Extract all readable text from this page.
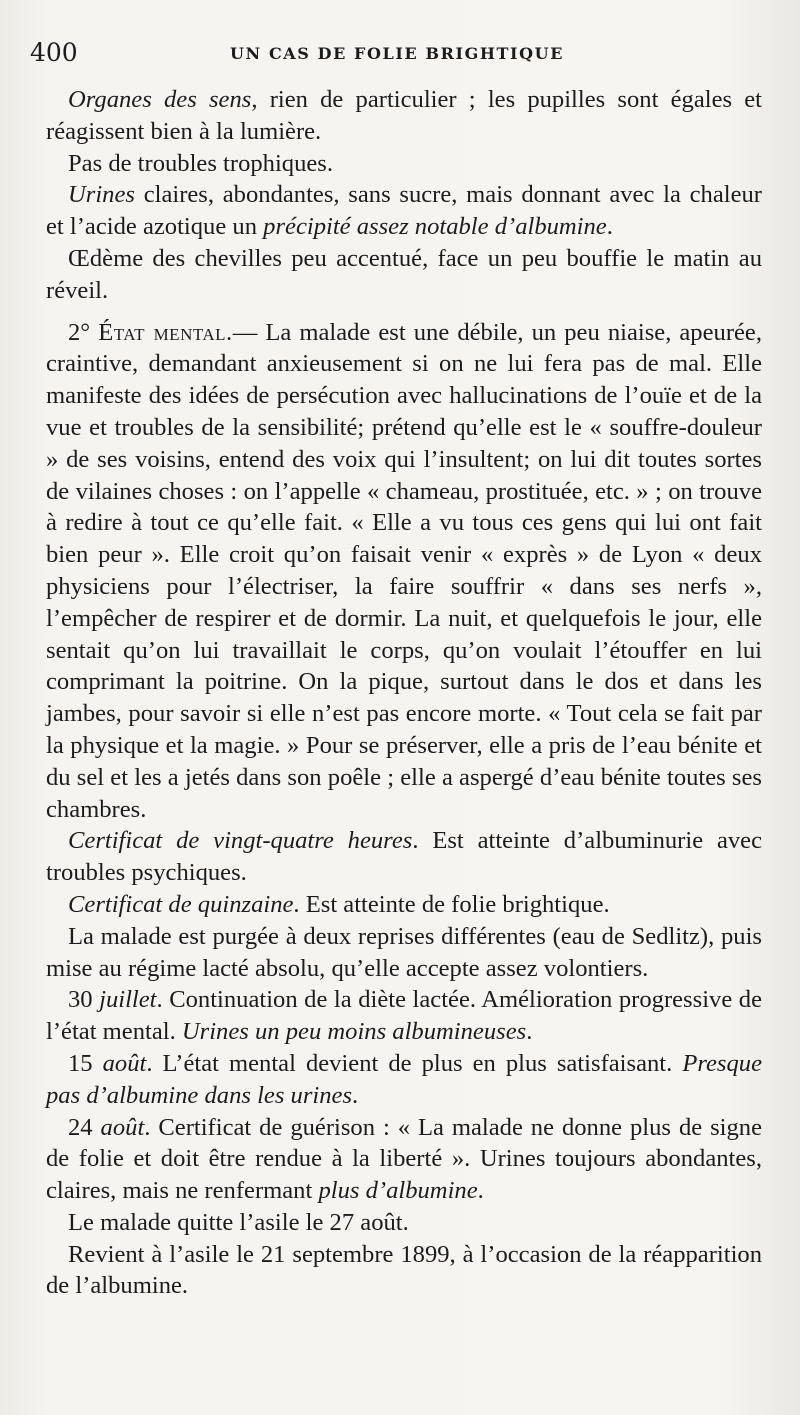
400	UN CAS DE FOLIE BRIGHTIQUE

Organes des sens, rien de particulier ; les pupilles sont égales et réagissent bien à la lumière.

Pas de troubles trophiques.

Urines claires, abondantes, sans sucre, mais donnant avec la chaleur et l’acide azotique un précipité assez notable d’albumine.

Œdème des chevilles peu accentué, face un peu bouffie le matin au réveil.

2° État mental.— La malade est une débile, un peu niaise, apeurée, craintive, demandant anxieusement si on ne lui fera pas de mal. Elle manifeste des idées de persécution avec hallucinations de l’ouïe et de la vue et troubles de la sensibilité; prétend qu’elle est le « souffre-douleur » de ses voisins, entend des voix qui l’insultent; on lui dit toutes sortes de vilaines choses : on l’appelle « chameau, prostituée, etc. » ; on trouve à redire à tout ce qu’elle fait. « Elle a vu tous ces gens qui lui ont fait bien peur ». Elle croit qu’on faisait venir « exprès » de Lyon « deux physiciens pour l’électriser, la faire souffrir « dans ses nerfs », l’empêcher de respirer et de dormir. La nuit, et quelquefois le jour, elle sentait qu’on lui travaillait le corps, qu’on voulait l’étouffer en lui comprimant la poitrine. On la pique, surtout dans le dos et dans les jambes, pour savoir si elle n’est pas encore morte. « Tout cela se fait par la physique et la magie. » Pour se préserver, elle a pris de l’eau bénite et du sel et les a jetés dans son poêle ; elle a aspergé d’eau bénite toutes ses chambres.

Certificat de vingt-quatre heures. Est atteinte d’albuminurie avec troubles psychiques.

Certificat de quinzaine. Est atteinte de folie brightique.

La malade est purgée à deux reprises différentes (eau de Sedlitz), puis mise au régime lacté absolu, qu’elle accepte assez volontiers.

30 juillet. Continuation de la diète lactée. Amélioration progressive de l’état mental. Urines un peu moins albumineuses.

15 août. L’état mental devient de plus en plus satisfaisant. Presque pas d’albumine dans les urines.

24 août. Certificat de guérison : « La malade ne donne plus de signe de folie et doit être rendue à la liberté ». Urines toujours abondantes, claires, mais ne renfermant plus d’albumine.

Le malade quitte l’asile le 27 août.

Revient à l’asile le 21 septembre 1899, à l’occasion de la réapparition de l’albumine.
